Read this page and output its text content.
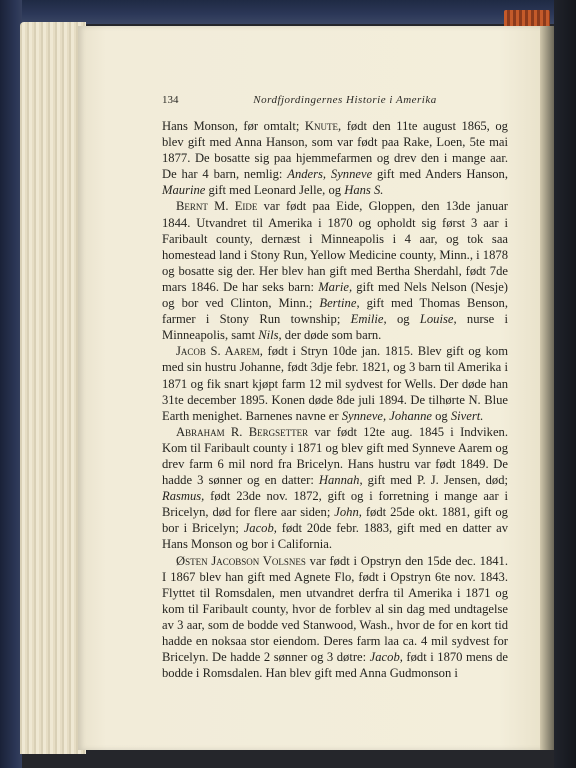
134	Nordfjordingernes Historie i Amerika

Hans Monson, før omtalt; Knute, født den 11te august 1865, og blev gift med Anna Hanson, som var født paa Rake, Loen, 5te mai 1877. De bosatte sig paa hjemmefarmen og drev den i mange aar. De har 4 barn, nemlig: Anders, Synneve gift med Anders Hanson, Maurine gift med Leonard Jelle, og Hans S.

Bernt M. Eide var født paa Eide, Gloppen, den 13de januar 1844. Utvandret til Amerika i 1870 og opholdt sig først 3 aar i Faribault county, dernæst i Minneapolis i 4 aar, og tok saa homestead land i Stony Run, Yellow Medicine county, Minn., i 1878 og bosatte sig der. Her blev han gift med Bertha Sherdahl, født 7de mars 1846. De har seks barn: Marie, gift med Nels Nelson (Nesje) og bor ved Clinton, Minn.; Bertine, gift med Thomas Benson, farmer i Stony Run township; Emilie, og Louise, nurse i Minneapolis, samt Nils, der døde som barn.

Jacob S. Aarem, født i Stryn 10de jan. 1815. Blev gift og kom med sin hustru Johanne, født 3dje febr. 1821, og 3 barn til Amerika i 1871 og fik snart kjøpt farm 12 mil sydvest for Wells. Der døde han 31te december 1895. Konen døde 8de juli 1894. De tilhørte N. Blue Earth menighet. Barnenes navne er Synneve, Johanne og Sivert.

Abraham R. Bergsetter var født 12te aug. 1845 i Indviken. Kom til Faribault county i 1871 og blev gift med Synneve Aarem og drev farm 6 mil nord fra Bricelyn. Hans hustru var født 1849. De hadde 3 sønner og en datter: Hannah, gift med P. J. Jensen, død; Rasmus, født 23de nov. 1872, gift og i forretning i mange aar i Bricelyn, død for flere aar siden; John, født 25de okt. 1881, gift og bor i Bricelyn; Jacob, født 20de febr. 1883, gift med en datter av Hans Monson og bor i California.

Østen Jacobson Volsnes var født i Opstryn den 15de dec. 1841. I 1867 blev han gift med Agnete Flo, født i Opstryn 6te nov. 1843. Flyttet til Romsdalen, men utvandret derfra til Amerika i 1871 og kom til Faribault county, hvor de forblev al sin dag med undtagelse av 3 aar, som de bodde ved Stanwood, Wash., hvor de for en kort tid hadde en noksaa stor eiendom. Deres farm laa ca. 4 mil sydvest for Bricelyn. De hadde 2 sønner og 3 døtre: Jacob, født i 1870 mens de bodde i Romsdalen. Han blev gift med Anna Gudmonson i
